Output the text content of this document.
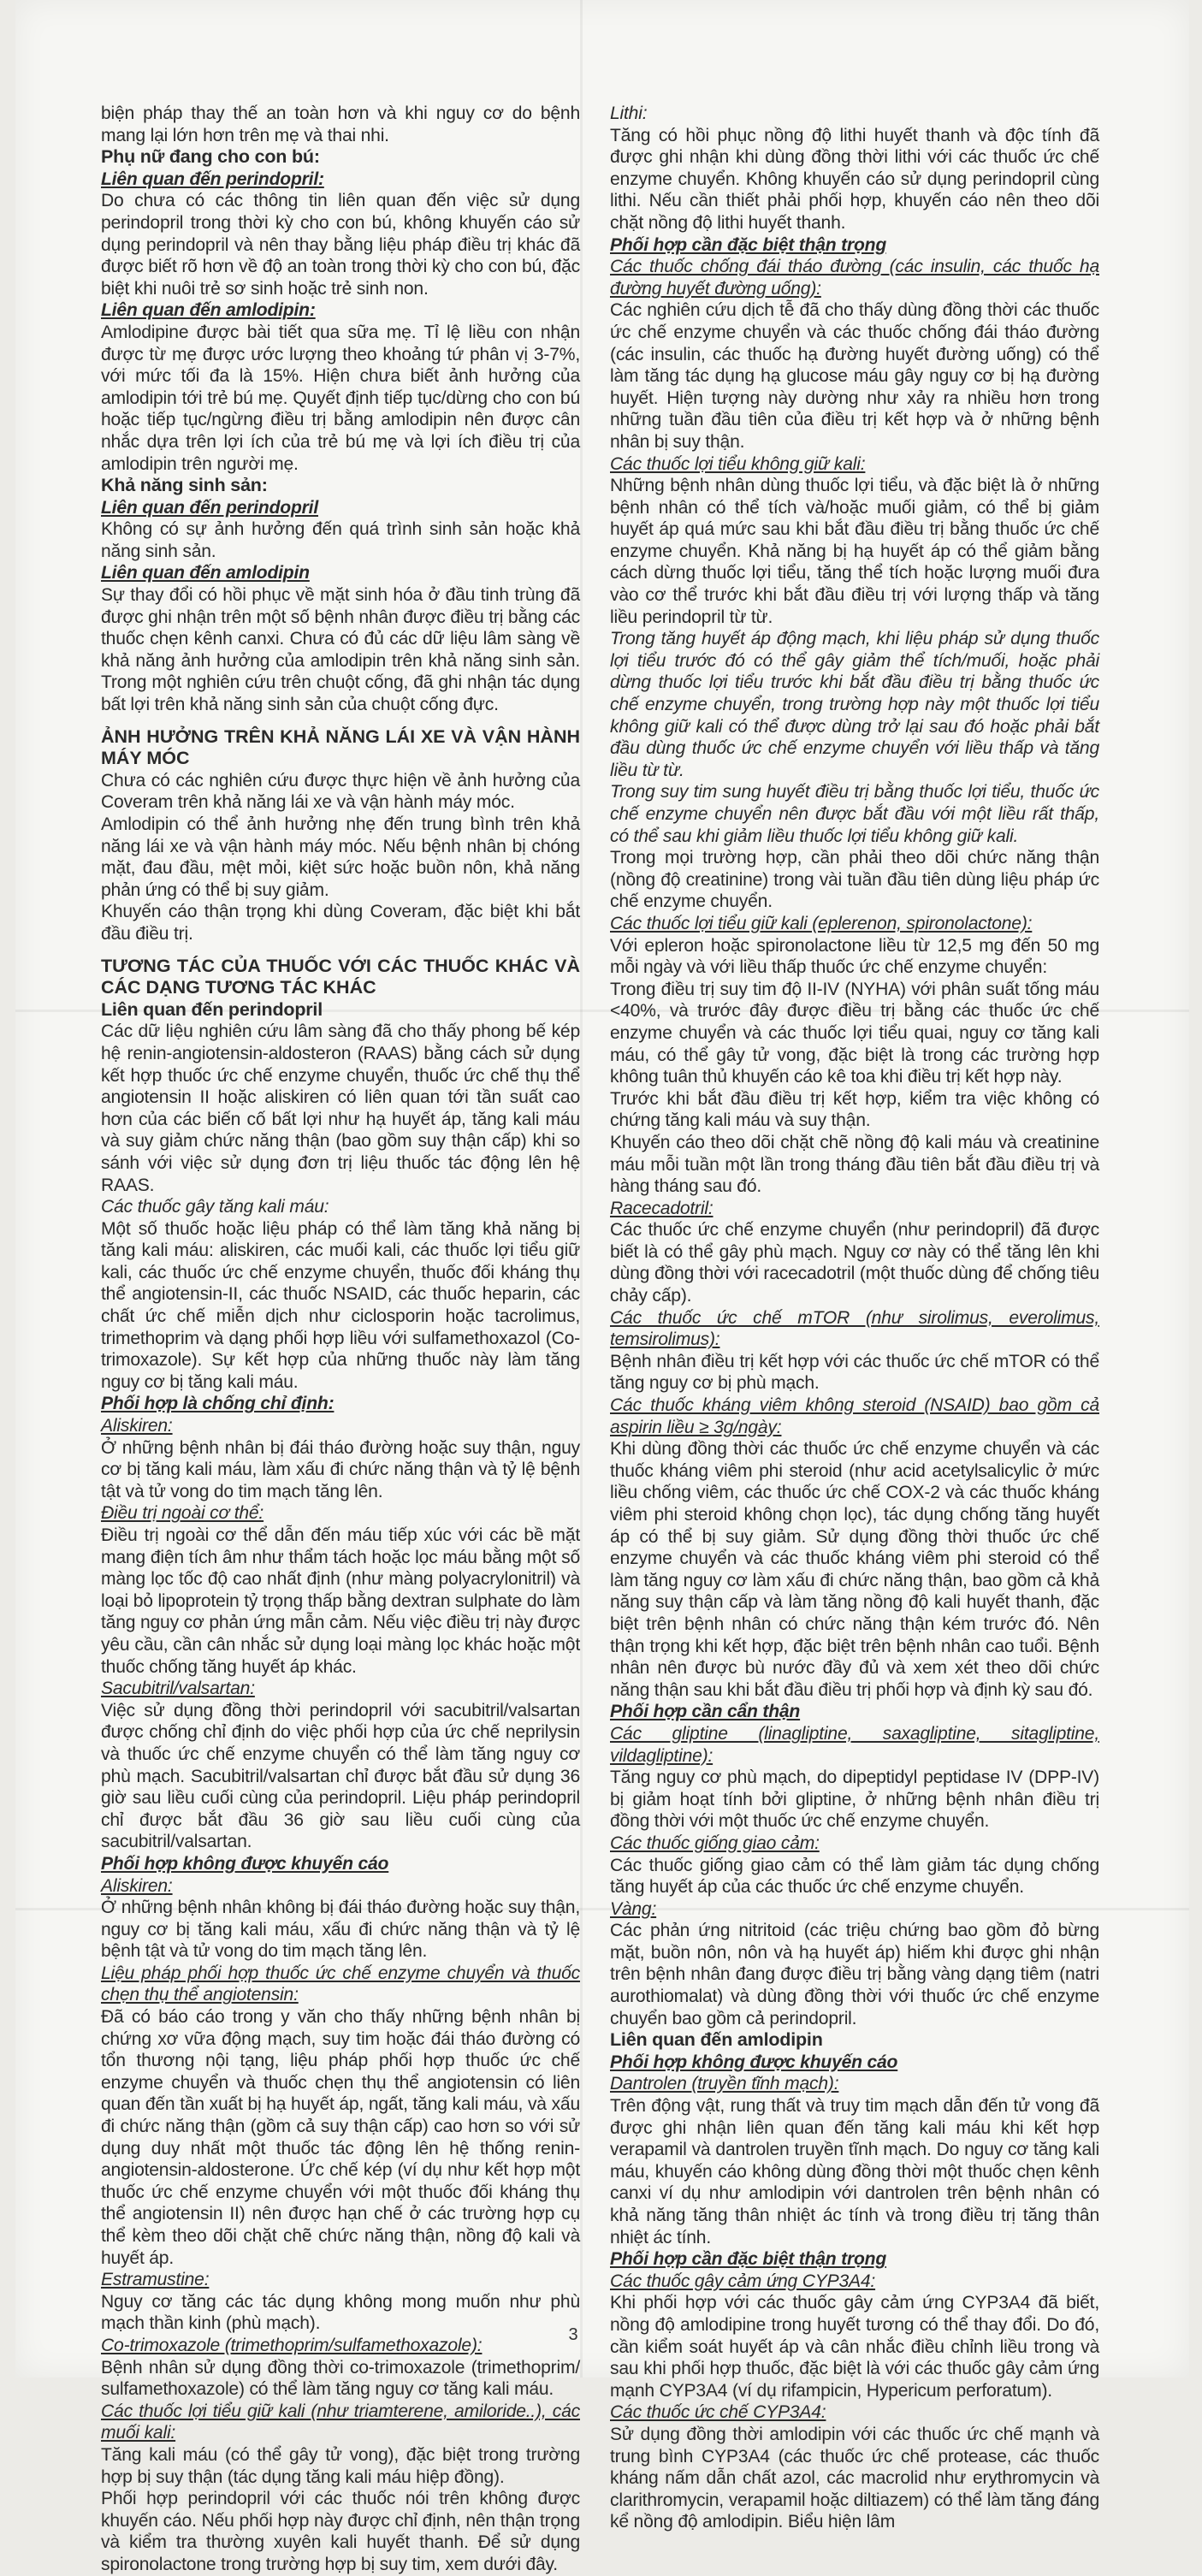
biện pháp thay thế an toàn hơn và khi nguy cơ do bệnh mang lại lớn hơn trên mẹ và thai nhi.

Phụ nữ đang cho con bú:

Liên quan đến perindopril:

Do chưa có các thông tin liên quan đến việc sử dụng perindopril trong thời kỳ cho con bú, không khuyến cáo sử dụng perindopril và nên thay bằng liệu pháp điều trị khác đã được biết rõ hơn về độ an toàn trong thời kỳ cho con bú, đặc biệt khi nuôi trẻ sơ sinh hoặc trẻ sinh non.

Liên quan đến amlodipin:

Amlodipine được bài tiết qua sữa mẹ. Tỉ lệ liều con nhận được từ mẹ được ước lượng theo khoảng tứ phân vị 3-7%, với mức tối đa là 15%. Hiện chưa biết ảnh hưởng của amlodipin tới trẻ bú mẹ. Quyết định tiếp tục/dừng cho con bú hoặc tiếp tục/ngừng điều trị bằng amlodipin nên được cân nhắc dựa trên lợi ích của trẻ bú mẹ và lợi ích điều trị của amlodipin trên người mẹ.

Khả năng sinh sản:

Liên quan đến perindopril

Không có sự ảnh hưởng đến quá trình sinh sản hoặc khả năng sinh sản.

Liên quan đến amlodipin

Sự thay đổi có hồi phục về mặt sinh hóa ở đầu tinh trùng đã được ghi nhận trên một số bệnh nhân được điều trị bằng các thuốc chẹn kênh canxi. Chưa có đủ các dữ liệu lâm sàng về khả năng ảnh hưởng của amlodipin trên khả năng sinh sản. Trong một nghiên cứu trên chuột cống, đã ghi nhận tác dụng bất lợi trên khả năng sinh sản của chuột cống đực.

ẢNH HƯỞNG TRÊN KHẢ NĂNG LÁI XE VÀ VẬN HÀNH MÁY MÓC

Chưa có các nghiên cứu được thực hiện về ảnh hưởng của Coveram trên khả năng lái xe và vận hành máy móc.

Amlodipin có thể ảnh hưởng nhẹ đến trung bình trên khả năng lái xe và vận hành máy móc. Nếu bệnh nhân bị chóng mặt, đau đầu, mệt mỏi, kiệt sức hoặc buồn nôn, khả năng phản ứng có thể bị suy giảm.

Khuyến cáo thận trọng khi dùng Coveram, đặc biệt khi bắt đầu điều trị.

TƯƠNG TÁC CỦA THUỐC VỚI CÁC THUỐC KHÁC VÀ CÁC DẠNG TƯƠNG TÁC KHÁC

Liên quan đến perindopril

Các dữ liệu nghiên cứu lâm sàng đã cho thấy phong bế kép hệ renin-angiotensin-aldosteron (RAAS) bằng cách sử dụng kết hợp thuốc ức chế enzyme chuyển, thuốc ức chế thụ thể angiotensin II hoặc aliskiren có liên quan tới tần suất cao hơn của các biến cố bất lợi như hạ huyết áp, tăng kali máu và suy giảm chức năng thận (bao gồm suy thận cấp) khi so sánh với việc sử dụng đơn trị liệu thuốc tác động lên hệ RAAS.

Các thuốc gây tăng kali máu:

Một số thuốc hoặc liệu pháp có thể làm tăng khả năng bị tăng kali máu: aliskiren, các muối kali, các thuốc lợi tiểu giữ kali, các thuốc ức chế enzyme chuyển, thuốc đối kháng thụ thể angiotensin-II, các thuốc NSAID, các thuốc heparin, các chất ức chế miễn dịch như ciclosporin hoặc tacrolimus, trimethoprim và dạng phối hợp liều với sulfamethoxazol (Co-trimoxazole). Sự kết hợp của những thuốc này làm tăng nguy cơ bị tăng kali máu.

Phối hợp là chống chỉ định:

Aliskiren:

Ở những bệnh nhân bị đái tháo đường hoặc suy thận, nguy cơ bị tăng kali máu, làm xấu đi chức năng thận và tỷ lệ bệnh tật và tử vong do tim mạch tăng lên.

Điều trị ngoài cơ thể:

Điều trị ngoài cơ thể dẫn đến máu tiếp xúc với các bề mặt mang điện tích âm như thẩm tách hoặc lọc máu bằng một số màng lọc tốc độ cao nhất định (như màng polyacrylonitril) và loại bỏ lipoprotein tỷ trọng thấp bằng dextran sulphate do làm tăng nguy cơ phản ứng mẫn cảm. Nếu việc điều trị này được yêu cầu, cần cân nhắc sử dụng loại màng lọc khác hoặc một thuốc chống tăng huyết áp khác.

Sacubitril/valsartan:

Việc sử dụng đồng thời perindopril với sacubitril/valsartan được chống chỉ định do việc phối hợp của ức chế neprilysin và thuốc ức chế enzyme chuyển có thể làm tăng nguy cơ phù mạch. Sacubitril/valsartan chỉ được bắt đầu sử dụng 36 giờ sau liều cuối cùng của perindopril. Liệu pháp perindopril chỉ được bắt đầu 36 giờ sau liều cuối cùng của sacubitril/valsartan.

Phối hợp không được khuyến cáo

Aliskiren:

Ở những bệnh nhân không bị đái tháo đường hoặc suy thận, nguy cơ bị tăng kali máu, xấu đi chức năng thận và tỷ lệ bệnh tật và tử vong do tim mạch tăng lên.

Liệu pháp phối hợp thuốc ức chế enzyme chuyển và thuốc chẹn thụ thể angiotensin:

Đã có báo cáo trong y văn cho thấy những bệnh nhân bị chứng xơ vữa động mạch, suy tim hoặc đái tháo đường có tổn thương nội tạng, liệu pháp phối hợp thuốc ức chế enzyme chuyển và thuốc chẹn thụ thể angiotensin có liên quan đến tần xuất bị hạ huyết áp, ngất, tăng kali máu, và xấu đi chức năng thận (gồm cả suy thận cấp) cao hơn so với sử dụng duy nhất một thuốc tác động lên hệ thống renin-angiotensin-aldosterone. Ức chế kép (ví dụ như kết hợp một thuốc ức chế enzyme chuyển với một thuốc đối kháng thụ thể angiotensin II) nên được hạn chế ở các trường hợp cụ thể kèm theo dõi chặt chẽ chức năng thận, nồng độ kali và huyết áp.

Estramustine:

Nguy cơ tăng các tác dụng không mong muốn như phù mạch thần kinh (phù mạch).

Co-trimoxazole (trimethoprim/sulfamethoxazole):

Bệnh nhân sử dụng đồng thời co-trimoxazole (trimethoprim/ sulfamethoxazole) có thể làm tăng nguy cơ tăng kali máu.

Các thuốc lợi tiểu giữ kali (như triamterene, amiloride..), các muối kali:

Tăng kali máu (có thể gây tử vong), đặc biệt trong trường hợp bị suy thận (tác dụng tăng kali máu hiệp đồng).

Phối hợp perindopril với các thuốc nói trên không được khuyến cáo. Nếu phối hợp này được chỉ định, nên thận trọng và kiểm tra thường xuyên kali huyết thanh. Để sử dụng spironolactone trong trường hợp bị suy tim, xem dưới đây.

Lithi:

Tăng có hồi phục nồng độ lithi huyết thanh và độc tính đã được ghi nhận khi dùng đồng thời lithi với các thuốc ức chế enzyme chuyển. Không khuyến cáo sử dụng perindopril cùng lithi. Nếu cần thiết phải phối hợp, khuyến cáo nên theo dõi chặt nồng độ lithi huyết thanh.

Phối hợp cần đặc biệt thận trọng

Các thuốc chống đái tháo đường (các insulin, các thuốc hạ đường huyết đường uống):

Các nghiên cứu dịch tễ đã cho thấy dùng đồng thời các thuốc ức chế enzyme chuyển và các thuốc chống đái tháo đường (các insulin, các thuốc hạ đường huyết đường uống) có thể làm tăng tác dụng hạ glucose máu gây nguy cơ bị hạ đường huyết. Hiện tượng này dường như xảy ra nhiều hơn trong những tuần đầu tiên của điều trị kết hợp và ở những bệnh nhân bị suy thận.

Các thuốc lợi tiểu không giữ kali:

Những bệnh nhân dùng thuốc lợi tiểu, và đặc biệt là ở những bệnh nhân có thể tích và/hoặc muối giảm, có thể bị giảm huyết áp quá mức sau khi bắt đầu điều trị bằng thuốc ức chế enzyme chuyển. Khả năng bị hạ huyết áp có thể giảm bằng cách dừng thuốc lợi tiểu, tăng thể tích hoặc lượng muối đưa vào cơ thể trước khi bắt đầu điều trị với lượng thấp và tăng liều perindopril từ từ.

Trong tăng huyết áp động mạch, khi liệu pháp sử dụng thuốc lợi tiểu trước đó có thể gây giảm thể tích/muối, hoặc phải dừng thuốc lợi tiểu trước khi bắt đầu điều trị bằng thuốc ức chế enzyme chuyển, trong trường hợp này một thuốc lợi tiểu không giữ kali có thể được dùng trở lại sau đó hoặc phải bắt đầu dùng thuốc ức chế enzyme chuyển với liều thấp và tăng liều từ từ.

Trong suy tim sung huyết điều trị bằng thuốc lợi tiểu, thuốc ức chế enzyme chuyển nên được bắt đầu với một liều rất thấp, có thể sau khi giảm liều thuốc lợi tiểu không giữ kali.

Trong mọi trường hợp, cần phải theo dõi chức năng thận (nồng độ creatinine) trong vài tuần đầu tiên dùng liệu pháp ức chế enzyme chuyển.

Các thuốc lợi tiểu giữ kali (eplerenon, spironolactone):

Với epleron hoặc spironolactone liều từ 12,5 mg đến 50 mg mỗi ngày và với liều thấp thuốc ức chế enzyme chuyển:

Trong điều trị suy tim độ II-IV (NYHA) với phân suất tống máu <40%, và trước đây được điều trị bằng các thuốc ức chế enzyme chuyển và các thuốc lợi tiểu quai, nguy cơ tăng kali máu, có thể gây tử vong, đặc biệt là trong các trường hợp không tuân thủ khuyến cáo kê toa khi điều trị kết hợp này.

Trước khi bắt đầu điều trị kết hợp, kiểm tra việc không có chứng tăng kali máu và suy thận.

Khuyến cáo theo dõi chặt chẽ nồng độ kali máu và creatinine máu mỗi tuần một lần trong tháng đầu tiên bắt đầu điều trị và hàng tháng sau đó.

Racecadotril:

Các thuốc ức chế enzyme chuyển (như perindopril) đã được biết là có thể gây phù mạch. Nguy cơ này có thể tăng lên khi dùng đồng thời với racecadotril (một thuốc dùng để chống tiêu chảy cấp).

Các thuốc ức chế mTOR (như sirolimus, everolimus, temsirolimus):

Bệnh nhân điều trị kết hợp với các thuốc ức chế mTOR có thể tăng nguy cơ bị phù mạch.

Các thuốc kháng viêm không steroid (NSAID) bao gồm cả aspirin liều ≥ 3g/ngày:

Khi dùng đồng thời các thuốc ức chế enzyme chuyển và các thuốc kháng viêm phi steroid (như acid acetylsalicylic ở mức liều chống viêm, các thuốc ức chế COX-2 và các thuốc kháng viêm phi steroid không chọn lọc), tác dụng chống tăng huyết áp có thể bị suy giảm. Sử dụng đồng thời thuốc ức chế enzyme chuyển và các thuốc kháng viêm phi steroid có thể làm tăng nguy cơ làm xấu đi chức năng thận, bao gồm cả khả năng suy thận cấp và làm tăng nồng độ kali huyết thanh, đặc biệt trên bệnh nhân có chức năng thận kém trước đó. Nên thận trọng khi kết hợp, đặc biệt trên bệnh nhân cao tuổi. Bệnh nhân nên được bù nước đầy đủ và xem xét theo dõi chức năng thận sau khi bắt đầu điều trị phối hợp và định kỳ sau đó.

Phối hợp cần cẩn thận

Các gliptine (linagliptine, saxagliptine, sitagliptine, vildagliptine):

Tăng nguy cơ phù mạch, do dipeptidyl peptidase IV (DPP-IV) bị giảm hoạt tính bởi gliptine, ở những bệnh nhân điều trị đồng thời với một thuốc ức chế enzyme chuyển.

Các thuốc giống giao cảm:

Các thuốc giống giao cảm có thể làm giảm tác dụng chống tăng huyết áp của các thuốc ức chế enzyme chuyển.

Vàng:

Các phản ứng nitritoid (các triệu chứng bao gồm đỏ bừng mặt, buồn nôn, nôn và hạ huyết áp) hiếm khi được ghi nhận trên bệnh nhân đang được điều trị bằng vàng dạng tiêm (natri aurothiomalat) và dùng đồng thời với thuốc ức chế enzyme chuyển bao gồm cả perindopril.

Liên quan đến amlodipin

Phối hợp không được khuyến cáo

Dantrolen (truyền tĩnh mạch):

Trên động vật, rung thất và truy tim mạch dẫn đến tử vong đã được ghi nhận liên quan đến tăng kali máu khi kết hợp verapamil và dantrolen truyền tĩnh mạch. Do nguy cơ tăng kali máu, khuyến cáo không dùng đồng thời một thuốc chẹn kênh canxi ví dụ như amlodipin với dantrolen trên bệnh nhân có khả năng tăng thân nhiệt ác tính và trong điều trị tăng thân nhiệt ác tính.

Phối hợp cần đặc biệt thận trọng

Các thuốc gây cảm ứng CYP3A4:

Khi phối hợp với các thuốc gây cảm ứng CYP3A4 đã biết, nồng độ amlodipine trong huyết tương có thể thay đổi. Do đó, cần kiểm soát huyết áp và cân nhắc điều chỉnh liều trong và sau khi phối hợp thuốc, đặc biệt là với các thuốc gây cảm ứng mạnh CYP3A4 (ví dụ rifampicin, Hypericum perforatum).

Các thuốc ức chế CYP3A4:

Sử dụng đồng thời amlodipin với các thuốc ức chế mạnh và trung bình CYP3A4 (các thuốc ức chế protease, các thuốc kháng nấm dẫn chất azol, các macrolid như erythromycin và clarithromycin, verapamil hoặc diltiazem) có thể làm tăng đáng kể nồng độ amlodipin. Biểu hiện lâm

3
